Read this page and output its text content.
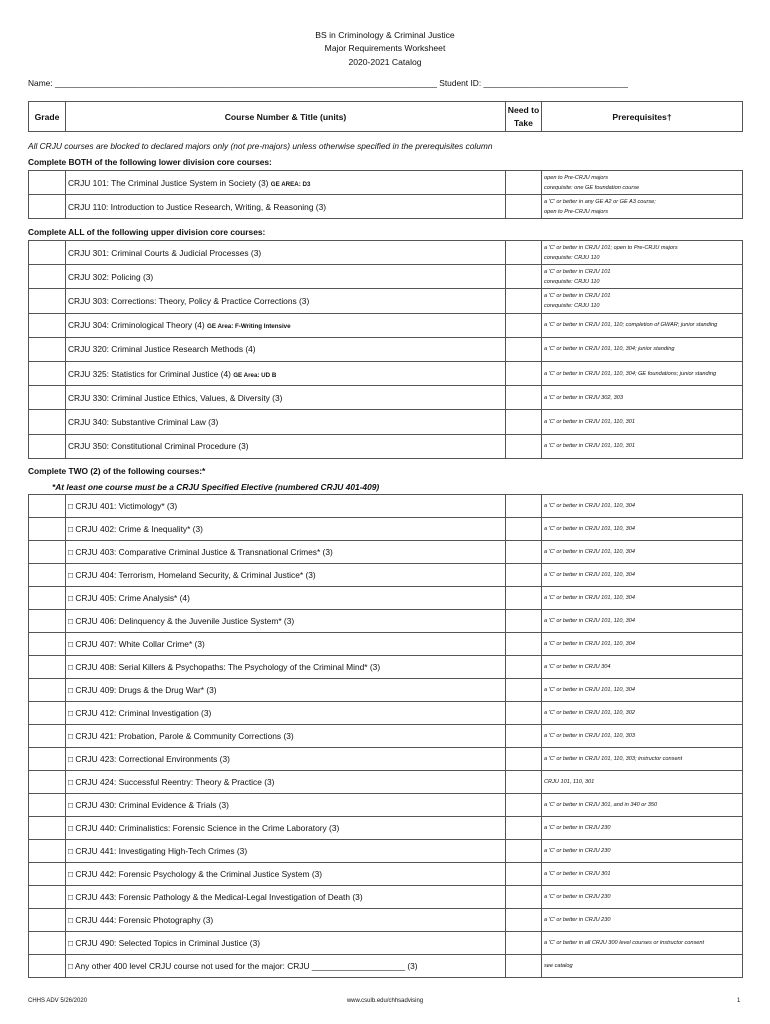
BS in Criminology & Criminal Justice
Major Requirements Worksheet
2020-2021 Catalog
Name: __________________________________________________________________________________ Student ID: _______________________________
Grade	Course Number & Title (units)	Need to Take	Prerequisites†
All CRJU courses are blocked to declared majors only (not pre-majors) unless otherwise specified in the prerequisites column
Complete BOTH of the following lower division core courses:
	CRJU 101: The Criminal Justice System in Society (3) GE AREA: D3		open to Pre-CRJU majors
corequisite: one GE foundation course

	CRJU 110: Introduction to Justice Research, Writing, & Reasoning (3)		a 'C' or better in any GE A2 or GE A3 course;
open to Pre-CRJU majors
Complete ALL of the following upper division core courses:
	CRJU 301: Criminal Courts & Judicial Processes (3)		a 'C' or better in CRJU 101; open to Pre-CRJU majors
corequisite: CRJU 110

	CRJU 302: Policing (3)		a 'C' or better in CRJU 101
corequisite: CRJU 110

	CRJU 303: Corrections: Theory, Policy & Practice Corrections (3)		a 'C' or better in CRJU 101
corequisite: CRJU 110

	CRJU 304: Criminological Theory (4) GE Area: F-Writing Intensive		a 'C' or better in CRJU 101, 110; completion of GWAR; junior standing

	CRJU 320: Criminal Justice Research Methods (4)		a 'C' or better in CRJU 101, 110, 304; junior standing

	CRJU 325: Statistics for Criminal Justice (4) GE Area: UD B		a 'C' or better in CRJU 101, 110, 304; GE foundations; junior standing

	CRJU 330: Criminal Justice Ethics, Values, & Diversity (3)		a 'C' or better in CRJU 302, 303

	CRJU 340: Substantive Criminal Law (3)		a 'C' or better in CRJU 101, 110, 301

	CRJU 350: Constitutional Criminal Procedure (3)		a 'C' or better in CRJU 101, 110, 301
Complete TWO (2) of the following courses:*
*At least one course must be a CRJU Specified Elective (numbered CRJU 401-409)
	□ CRJU 401: Victimology* (3)		a 'C' or better in CRJU 101, 110, 304
	□ CRJU 402: Crime & Inequality* (3)		a 'C' or better in CRJU 101, 110, 304
	□ CRJU 403: Comparative Criminal Justice & Transnational Crimes* (3)		a 'C' or better in CRJU 101, 110, 304
	□ CRJU 404: Terrorism, Homeland Security, & Criminal Justice* (3)		a 'C' or better in CRJU 101, 110, 304
	□ CRJU 405: Crime Analysis* (4)		a 'C' or better in CRJU 101, 110, 304
	□ CRJU 406: Delinquency & the Juvenile Justice System* (3)		a 'C' or better in CRJU 101, 110, 304
	□ CRJU 407: White Collar Crime* (3)		a 'C' or better in CRJU 101, 110, 304
	□ CRJU 408: Serial Killers & Psychopaths: The Psychology of the Criminal Mind* (3)		a 'C' or better in CRJU 304
	□ CRJU 409: Drugs & the Drug War* (3)		a 'C' or better in CRJU 101, 110, 304
	□ CRJU 412: Criminal Investigation (3)		a 'C' or better in CRJU 101, 110, 302
	□ CRJU 421: Probation, Parole & Community Corrections (3)		a 'C' or better in CRJU 101, 110, 303
	□ CRJU 423: Correctional Environments (3)		a 'C' or better in CRJU 101, 110, 303; instructor consent
	□ CRJU 424: Successful Reentry: Theory & Practice (3)		CRJU 101, 110, 301
	□ CRJU 430: Criminal Evidence & Trials (3)		a 'C' or better in CRJU 301, and in 340 or 350
	□ CRJU 440: Criminalistics: Forensic Science in the Crime Laboratory (3)		a 'C' or better in CRJU 230
	□ CRJU 441: Investigating High-Tech Crimes (3)		a 'C' or better in CRJU 230
	□ CRJU 442: Forensic Psychology & the Criminal Justice System (3)		a 'C' or better in CRJU 301
	□ CRJU 443: Forensic Pathology & the Medical-Legal Investigation of Death (3)		a 'C' or better in CRJU 230
	□ CRJU 444: Forensic Photography (3)		a 'C' or better in CRJU 230
	□ CRJU 490: Selected Topics in Criminal Justice (3)		a 'C' or better in all CRJU 300 level courses or instructor consent
	□ Any other 400 level CRJU course not used for the major: CRJU ____________________ (3)		see catalog
CHHS ADV 5/26/2020	www.csulb.edu/chhsadvising	1
